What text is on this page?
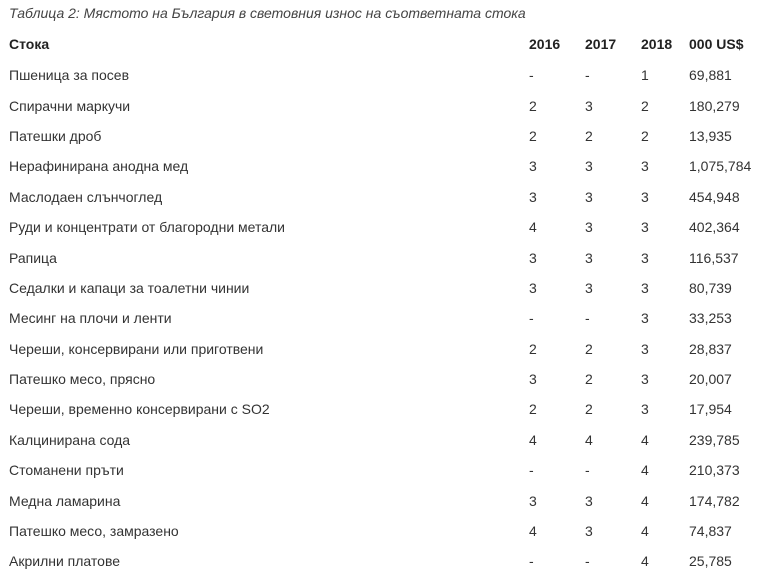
Таблица 2: Мястото на България в световния износ на съответната стока
Стока	2016	2017	2018	000 US$
Пшеница за посев	-	-	1	69,881
Спирачни маркучи	2	3	2	180,279
Патешки дроб	2	2	2	13,935
Нерафинирана анодна мед	3	3	3	1,075,784
Маслодаен слънчоглед	3	3	3	454,948
Руди и концентрати от благородни метали	4	3	3	402,364
Рапица	3	3	3	116,537
Седалки и капаци за тоалетни чинии	3	3	3	80,739
Месинг на плочи и ленти	-	-	3	33,253
Череши, консервирани или приготвени	2	2	3	28,837
Патешко месо, прясно	3	2	3	20,007
Череши, временно консервирани с SO2	2	2	3	17,954
Калцинирана сода	4	4	4	239,785
Стоманени пръти	-	-	4	210,373
Медна ламарина	3	3	4	174,782
Патешко месо, замразено	4	3	4	74,837
Акрилни платове	-	-	4	25,785
